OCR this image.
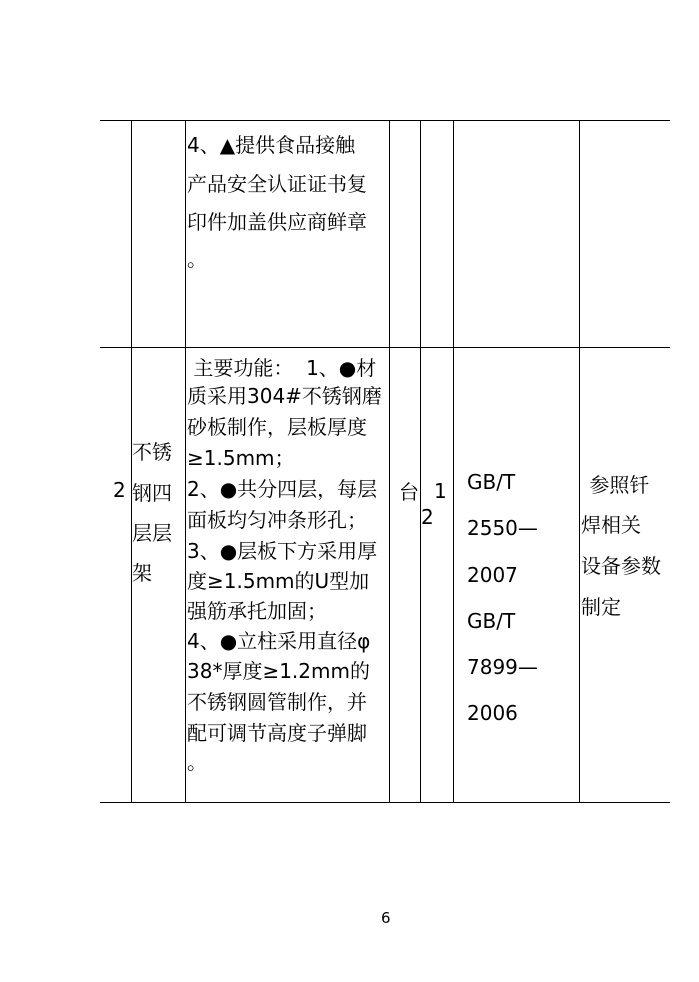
4、▲提供食品接触
产品安全认证证书复
印件加盖供应商鲜章
。
2
不锈
钢四
层层
架
主要功能：  1、●材
质采用304#不锈钢磨
砂板制作，层板厚度
≥1.5mm；
2、●共分四层，每层
面板均匀冲条形孔；
3、●层板下方采用厚
度≥1.5mm的U型加
强筋承托加固；
4、●立柱采用直径φ
38*厚度≥1.2mm的
不锈钢圆管制作，并
配可调节高度子弹脚
。
台 1
2
GB/T
2550—
2007
GB/T
7899—
2006
参照钎
焊相关
设备参数
制定
6
